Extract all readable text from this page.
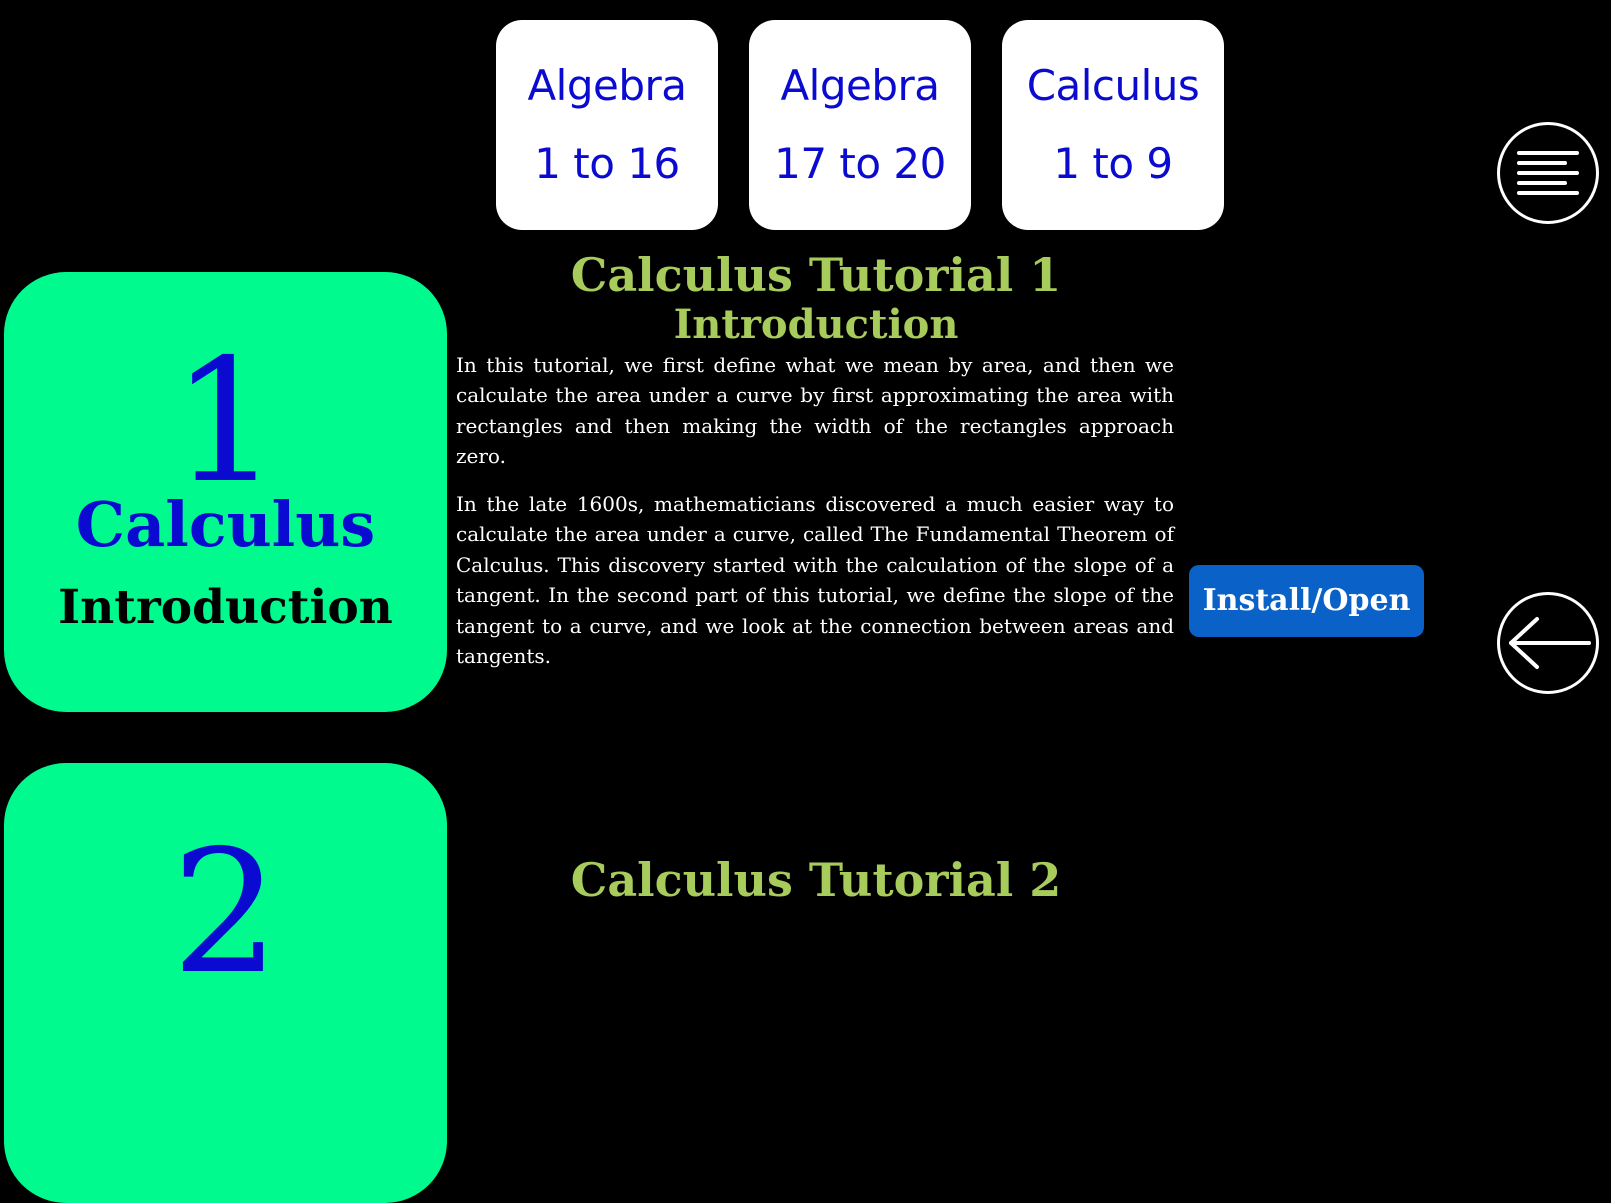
Algebra
1 to 16
Algebra
17 to 20
Calculus
1 to 9
1
Calculus
Introduction
Calculus Tutorial 1
Introduction

In this tutorial, we first define what we mean by area, and then we calculate the area under a curve by first approximating the area with rectangles and then making the width of the rectangles approach zero.

In the late 1600s, mathematicians discovered a much easier way to calculate the area under a curve, called The Fundamental Theorem of Calculus. This discovery started with the calculation of the slope of a tangent. In the second part of this tutorial, we define the slope of the tangent to a curve, and we look at the connection between areas and tangents.

Install/Open
2	Calculus Tutorial 2
